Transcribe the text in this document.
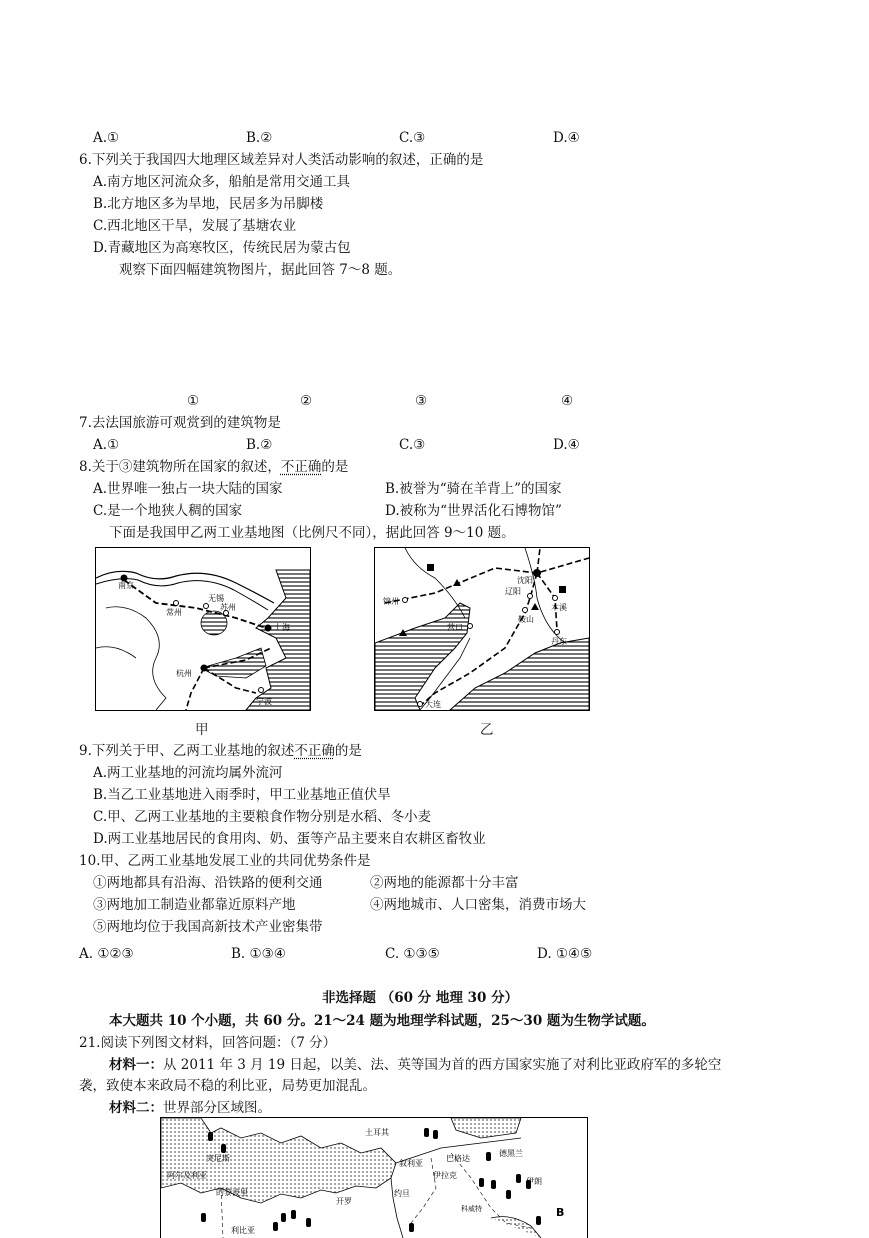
A.①	B.②	C.③	D.④
6.下列关于我国四大地理区域差异对人类活动影响的叙述，正确的是
A.南方地区河流众多，船舶是常用交通工具
B.北方地区多为旱地，民居多为吊脚楼
C.西北地区干旱，发展了基塘农业
D.青藏地区为高寒牧区，传统民居为蒙古包
观察下面四幅建筑物图片，据此回答 7～8 题。
①	②	③	④
7.去法国旅游可观赏到的建筑物是
A.①	B.②	C.③	D.④
8.关于③建筑物所在国家的叙述，不正确的是
A.世界唯一独占一块大陆的国家	B.被誉为“骑在羊背上”的国家
C.是一个地狭人稠的国家	D.被称为“世界活化石博物馆”
下面是我国甲乙两工业基地图（比例尺不同），据此回答 9～10 题。
南京
常州
无锡
苏州
上海
杭州
宁波
沈阳
锦州
辽阳
本溪
鞍山
营口
丹东
大连
甲	乙
9.下列关于甲、乙两工业基地的叙述不正确的是
A.两工业基地的河流均属外流河
B.当乙工业基地进入雨季时，甲工业基地正值伏旱
C.甲、乙两工业基地的主要粮食作物分别是水稻、冬小麦
D.两工业基地居民的食用肉、奶、蛋等产品主要来自农耕区畜牧业
10.甲、乙两工业基地发展工业的共同优势条件是
①两地都具有沿海、沿铁路的便利交通	②两地的能源都十分丰富
③两地加工制造业都靠近原料产地	④两地城市、人口密集，消费市场大
⑤两地均位于我国高新技术产业密集带
A. ①②③	B. ①③④	C. ①③⑤	D. ①④⑤
非选择题 （60 分 地理 30 分）
本大题共 10 个小题，共 60 分。21～24 题为地理学科试题，25～30 题为生物学试题。
21.阅读下列图文材料，回答问题：（7 分）
材料一：从 2011 年 3 月 19 日起，以美、法、英等国为首的西方国家实施了对利比亚政府军的多轮空
袭，致使本来政局不稳的利比亚，局势更加混乱。
材料二：世界部分区域图。
土耳其
突尼斯
阿尔及利亚
的黎波里
叙利亚
巴格达
伊拉克
约旦
开罗
德黑兰
伊朗
利比亚
科威特	B
